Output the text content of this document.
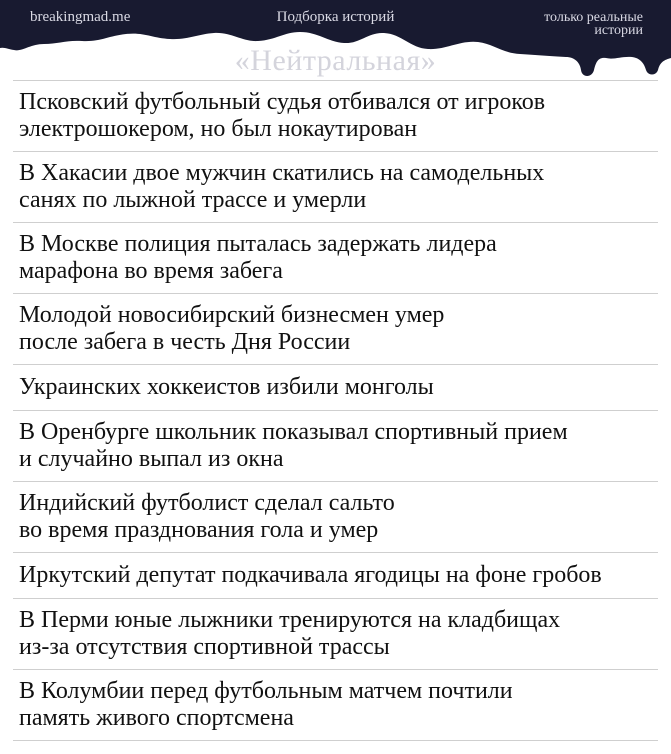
breakingmad.me	Подборка историй	только реальные
истории
«Нейтральная»
Псковский футбольный судья отбивался от игроков
электрошокером, но был нокаутирован
В Хакасии двое мужчин скатились на самодельных
санях по лыжной трассе и умерли
В Москве полиция пыталась задержать лидера
марафона во время забега
Молодой новосибирский бизнесмен умер
после забега в честь Дня России
Украинских хоккеистов избили монголы
В Оренбурге школьник показывал спортивный прием
и случайно выпал из окна
Индийский футболист сделал сальто
во время празднования гола и умер
Иркутский депутат подкачивала ягодицы на фоне гробов
В Перми юные лыжники тренируются на кладбищах
из-за отсутствия спортивной трассы
В Колумбии перед футбольным матчем почтили
память живого спортсмена
